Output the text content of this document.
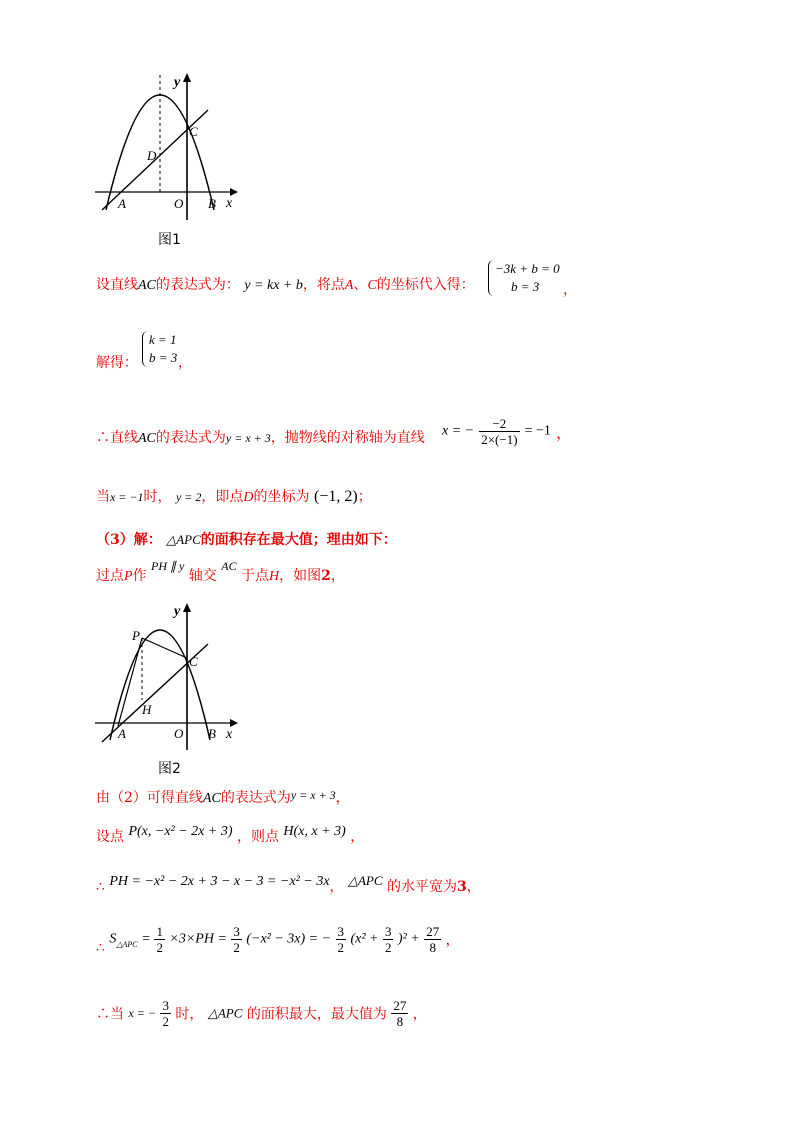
y
x
A	O B
C
D
图1
设直线AC的表达式为： y = kx + b，将点A、C的坐标代入得：
−3k + b = 0
b = 3	，
解得：
k = 1
b = 3 ，
∴直线AC的表达式为y = x + 3，抛物线的对称轴为直线 x = − $\frac{-2}{2\times(-1)} = -1$ ，
当x = −1时， y = 2，即点D的坐标为 (−1, 2)；
（3）解： △APC的面积存在最大值；理由如下：
过点P作 PH ∥ y 轴交 AC 于点H，如图2，
y
x
A	O B
C
P
H
图2
由（2）可得直线AC的表达式为y = x + 3，
设点 P(x, −x² − 2x + 3) ，则点 H(x, x + 3) ，
∴ PH = −x² − 2x + 3 − x − 3 = −x² − 3x， △APC 的水平宽为3，
∴ $S_{\triangle APC} = \frac{1}{2} \times 3\times PH = \frac{3}{2} (-x^2 - 3x)$ = − $\frac{3}{2} (x^2 + \frac{3}{2} )^2 + \frac{27}{8}$ ，
∴当 x = − $\frac{3}{2}$ 时， △APC 的面积最大，最大值为 $\frac{27}{8}$ ，
